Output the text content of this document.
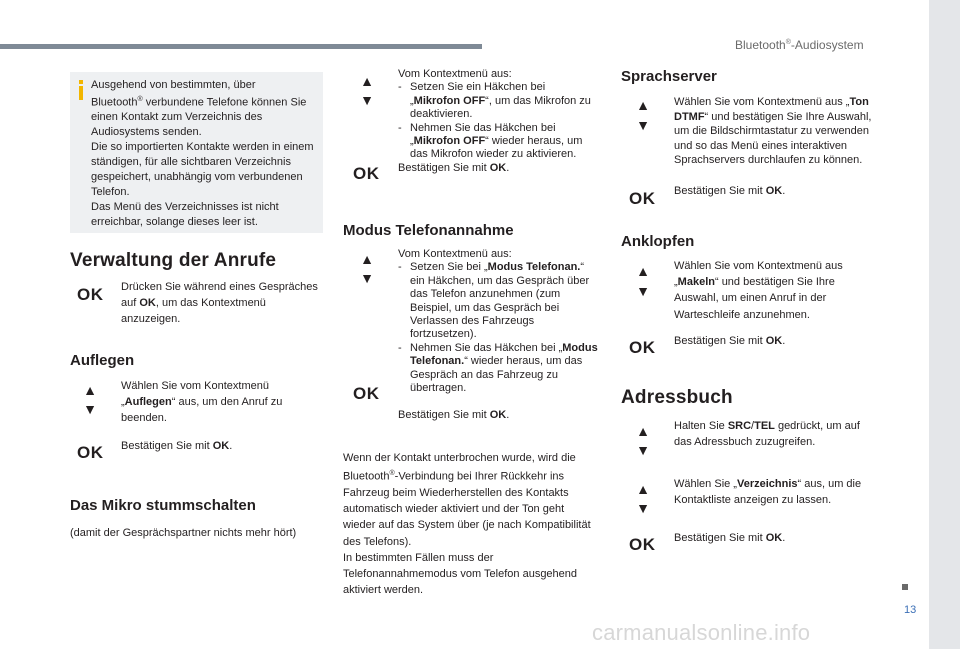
Bluetooth®-Audiosystem
13
carmanualsonline.info
Ausgehend von bestimmten, über
Bluetooth® verbundene Telefone können Sie einen Kontakt zum Verzeichnis des Audiosystems senden.
Die so importierten Kontakte werden in einem ständigen, für alle sichtbaren Verzeichnis gespeichert, unabhängig vom verbundenen Telefon.
Das Menü des Verzeichnisses ist nicht erreichbar, solange dieses leer ist.
Verwaltung der Anrufe
OK Drücken Sie während eines Gespräches auf OK, um das Kontextmenü anzuzeigen.
Auflegen
▲
▼
Wählen Sie vom Kontextmenü „Auflegen“ aus, um den Anruf zu beenden.
OK Bestätigen Sie mit OK.
Das Mikro stummschalten
(damit der Gesprächspartner nichts mehr hört)
▲
▼
Vom Kontextmenü aus:
- Setzen Sie ein Häkchen bei „Mikrofon OFF“, um das Mikrofon zu deaktivieren.
- Nehmen Sie das Häkchen bei „Mikrofon OFF“ wieder heraus, um das Mikrofon wieder zu aktivieren.
OK Bestätigen Sie mit OK.
Modus Telefonannahme
▲
▼
Vom Kontextmenü aus:
- Setzen Sie bei „Modus Telefonan.“ ein Häkchen, um das Gespräch über das Telefon anzunehmen (zum Beispiel, um das Gespräch bei Verlassen des Fahrzeugs fortzusetzen).
- Nehmen Sie das Häkchen bei „Modus Telefonan.“ wieder heraus, um das Gespräch an das Fahrzeug zu übertragen.
OK
Bestätigen Sie mit OK.
Wenn der Kontakt unterbrochen wurde, wird die Bluetooth®-Verbindung bei Ihrer Rückkehr ins Fahrzeug beim Wiederherstellen des Kontakts automatisch wieder aktiviert und der Ton geht wieder auf das System über (je nach Kompatibilität des Telefons).
In bestimmten Fällen muss der Telefonannahmemodus vom Telefon ausgehend aktiviert werden.
Sprachserver
▲
▼
Wählen Sie vom Kontextmenü aus „Ton DTMF“ und bestätigen Sie Ihre Auswahl, um die Bildschirmtastatur zu verwenden und so das Menü eines interaktiven Sprachservers durchlaufen zu können.
OK Bestätigen Sie mit OK.
Anklopfen
▲
▼
Wählen Sie vom Kontextmenü aus „Makeln“ und bestätigen Sie Ihre Auswahl, um einen Anruf in der Warteschleife anzunehmen.
OK Bestätigen Sie mit OK.
Adressbuch
▲
▼
Halten Sie SRC/TEL gedrückt, um auf das Adressbuch zuzugreifen.
▲
▼
Wählen Sie „Verzeichnis“ aus, um die Kontaktliste anzeigen zu lassen.
OK Bestätigen Sie mit OK.
